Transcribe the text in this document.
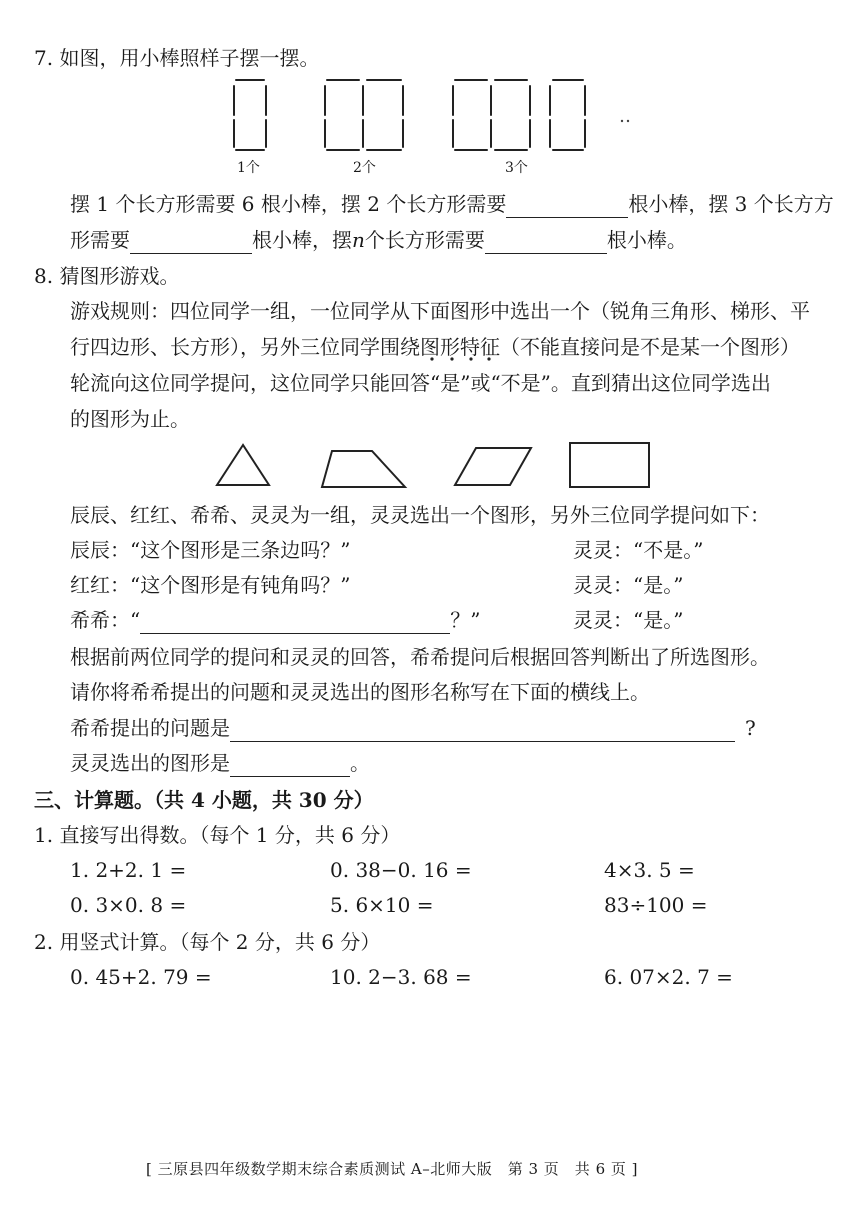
7. 如图，用小棒照样子摆一摆。
1个	2个	3个
摆 1 个长方形需要 6 根小棒，摆 2 个长方形需要	根小棒，摆 3 个长方方
形需要	根小棒，摆n个长方形需要	根小棒。
8. 猜图形游戏。
游戏规则：四位同学一组，一位同学从下面图形中选出一个（锐角三角形、梯形、平
行四边形、长方形），另外三位同学围绕图形特征（不能直接问是不是某一个图形）
轮流向这位同学提问，这位同学只能回答“是”或“不是”。直到猜出这位同学选出
的图形为止。
辰辰、红红、希希、灵灵为一组，灵灵选出一个图形，另外三位同学提问如下：
辰辰：“这个图形是三条边吗？”	灵灵：“不是。”
红红：“这个图形是有钝角吗？”	灵灵：“是。”
希希：“	？”	灵灵：“是。”
根据前两位同学的提问和灵灵的回答，希希提问后根据回答判断出了所选图形。
请你将希希提出的问题和灵灵选出的图形名称写在下面的横线上。
希希提出的问题是	?
灵灵选出的图形是	。
三、计算题。（共 4 小题，共 30 分）
1. 直接写出得数。（每个 1 分，共 6 分）
1. 2+2. 1 =	0. 38−0. 16 =	4×3. 5 =
0. 3×0. 8 =	5. 6×10 =	83÷100 =
2. 用竖式计算。（每个 2 分，共 6 分）
0. 45+2. 79 =	10. 2−3. 68 =	6. 07×2. 7 =
[ 三原县四年级数学期末综合素质测试 A–北师大版　第 3 页　共 6 页 ]
